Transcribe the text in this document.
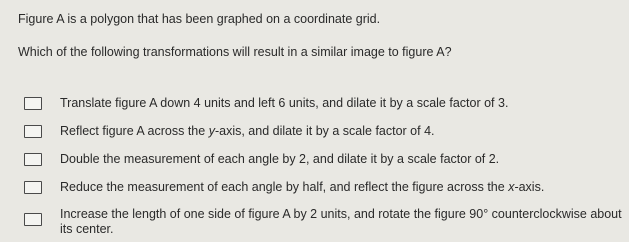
Figure A is a polygon that has been graphed on a coordinate grid.
Which of the following transformations will result in a similar image to figure A?
Translate figure A down 4 units and left 6 units, and dilate it by a scale factor of 3.
Reflect figure A across the y-axis, and dilate it by a scale factor of 4.
Double the measurement of each angle by 2, and dilate it by a scale factor of 2.
Reduce the measurement of each angle by half, and reflect the figure across the x-axis.
Increase the length of one side of figure A by 2 units, and rotate the figure 90° counterclockwise about its center.
